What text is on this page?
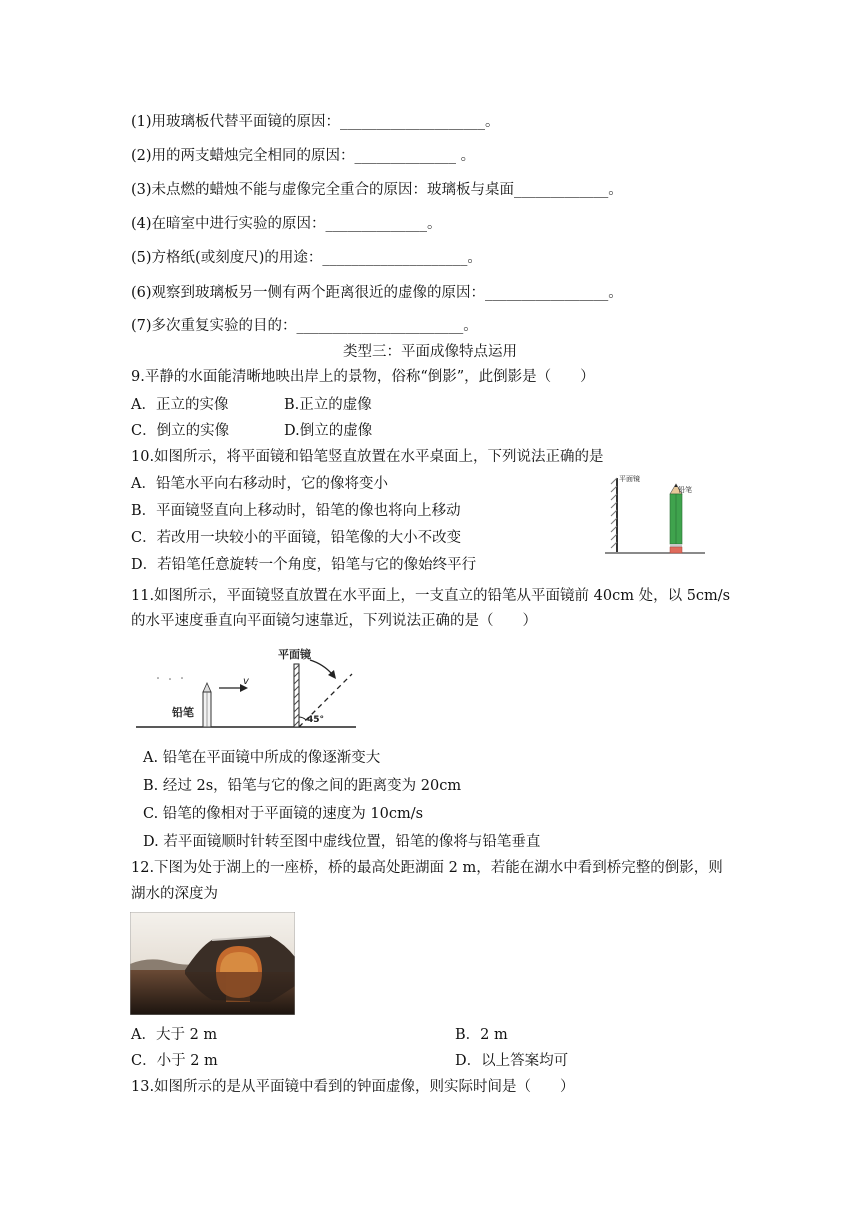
(1)用玻璃板代替平面镜的原因：____________________。
(2)用的两支蜡烛完全相同的原因：______________ 。
(3)未点燃的蜡烛不能与虚像完全重合的原因：玻璃板与桌面_____________。
(4)在暗室中进行实验的原因：______________。
(5)方格纸(或刻度尺)的用途：____________________。
(6)观察到玻璃板另一侧有两个距离很近的虚像的原因：_________________。
(7)多次重复实验的目的：_______________________。
类型三：平面成像特点运用
9.平静的水面能清晰地映出岸上的景物，俗称“倒影”，此倒影是（　　）
A．正立的实像	B.正立的虚像
C．倒立的实像	D.倒立的虚像
10.如图所示，将平面镜和铅笔竖直放置在水平桌面上，下列说法正确的是
A．铅笔水平向右移动时，它的像将变小
B．平面镜竖直向上移动时，铅笔的像也将向上移动
C．若改用一块较小的平面镜，铅笔像的大小不改变
D．若铅笔任意旋转一个角度，铅笔与它的像始终平行
平面镜
铅笔
11.如图所示，平面镜竖直放置在水平面上，一支直立的铅笔从平面镜前 40cm 处，以 5cm/s
的水平速度垂直向平面镜匀速靠近，下列说法正确的是（　　）
铅笔
v
平面镜
45°
A. 铅笔在平面镜中所成的像逐渐变大
B. 经过 2s，铅笔与它的像之间的距离变为 20cm
C. 铅笔的像相对于平面镜的速度为 10cm/s
D. 若平面镜顺时针转至图中虚线位置，铅笔的像将与铅笔垂直
12.下图为处于湖上的一座桥，桥的最高处距湖面 2 m，若能在湖水中看到桥完整的倒影，则
湖水的深度为
A．大于 2 m	B．2 m
C．小于 2 m	D．以上答案均可
13.如图所示的是从平面镜中看到的钟面虚像，则实际时间是（　　）
